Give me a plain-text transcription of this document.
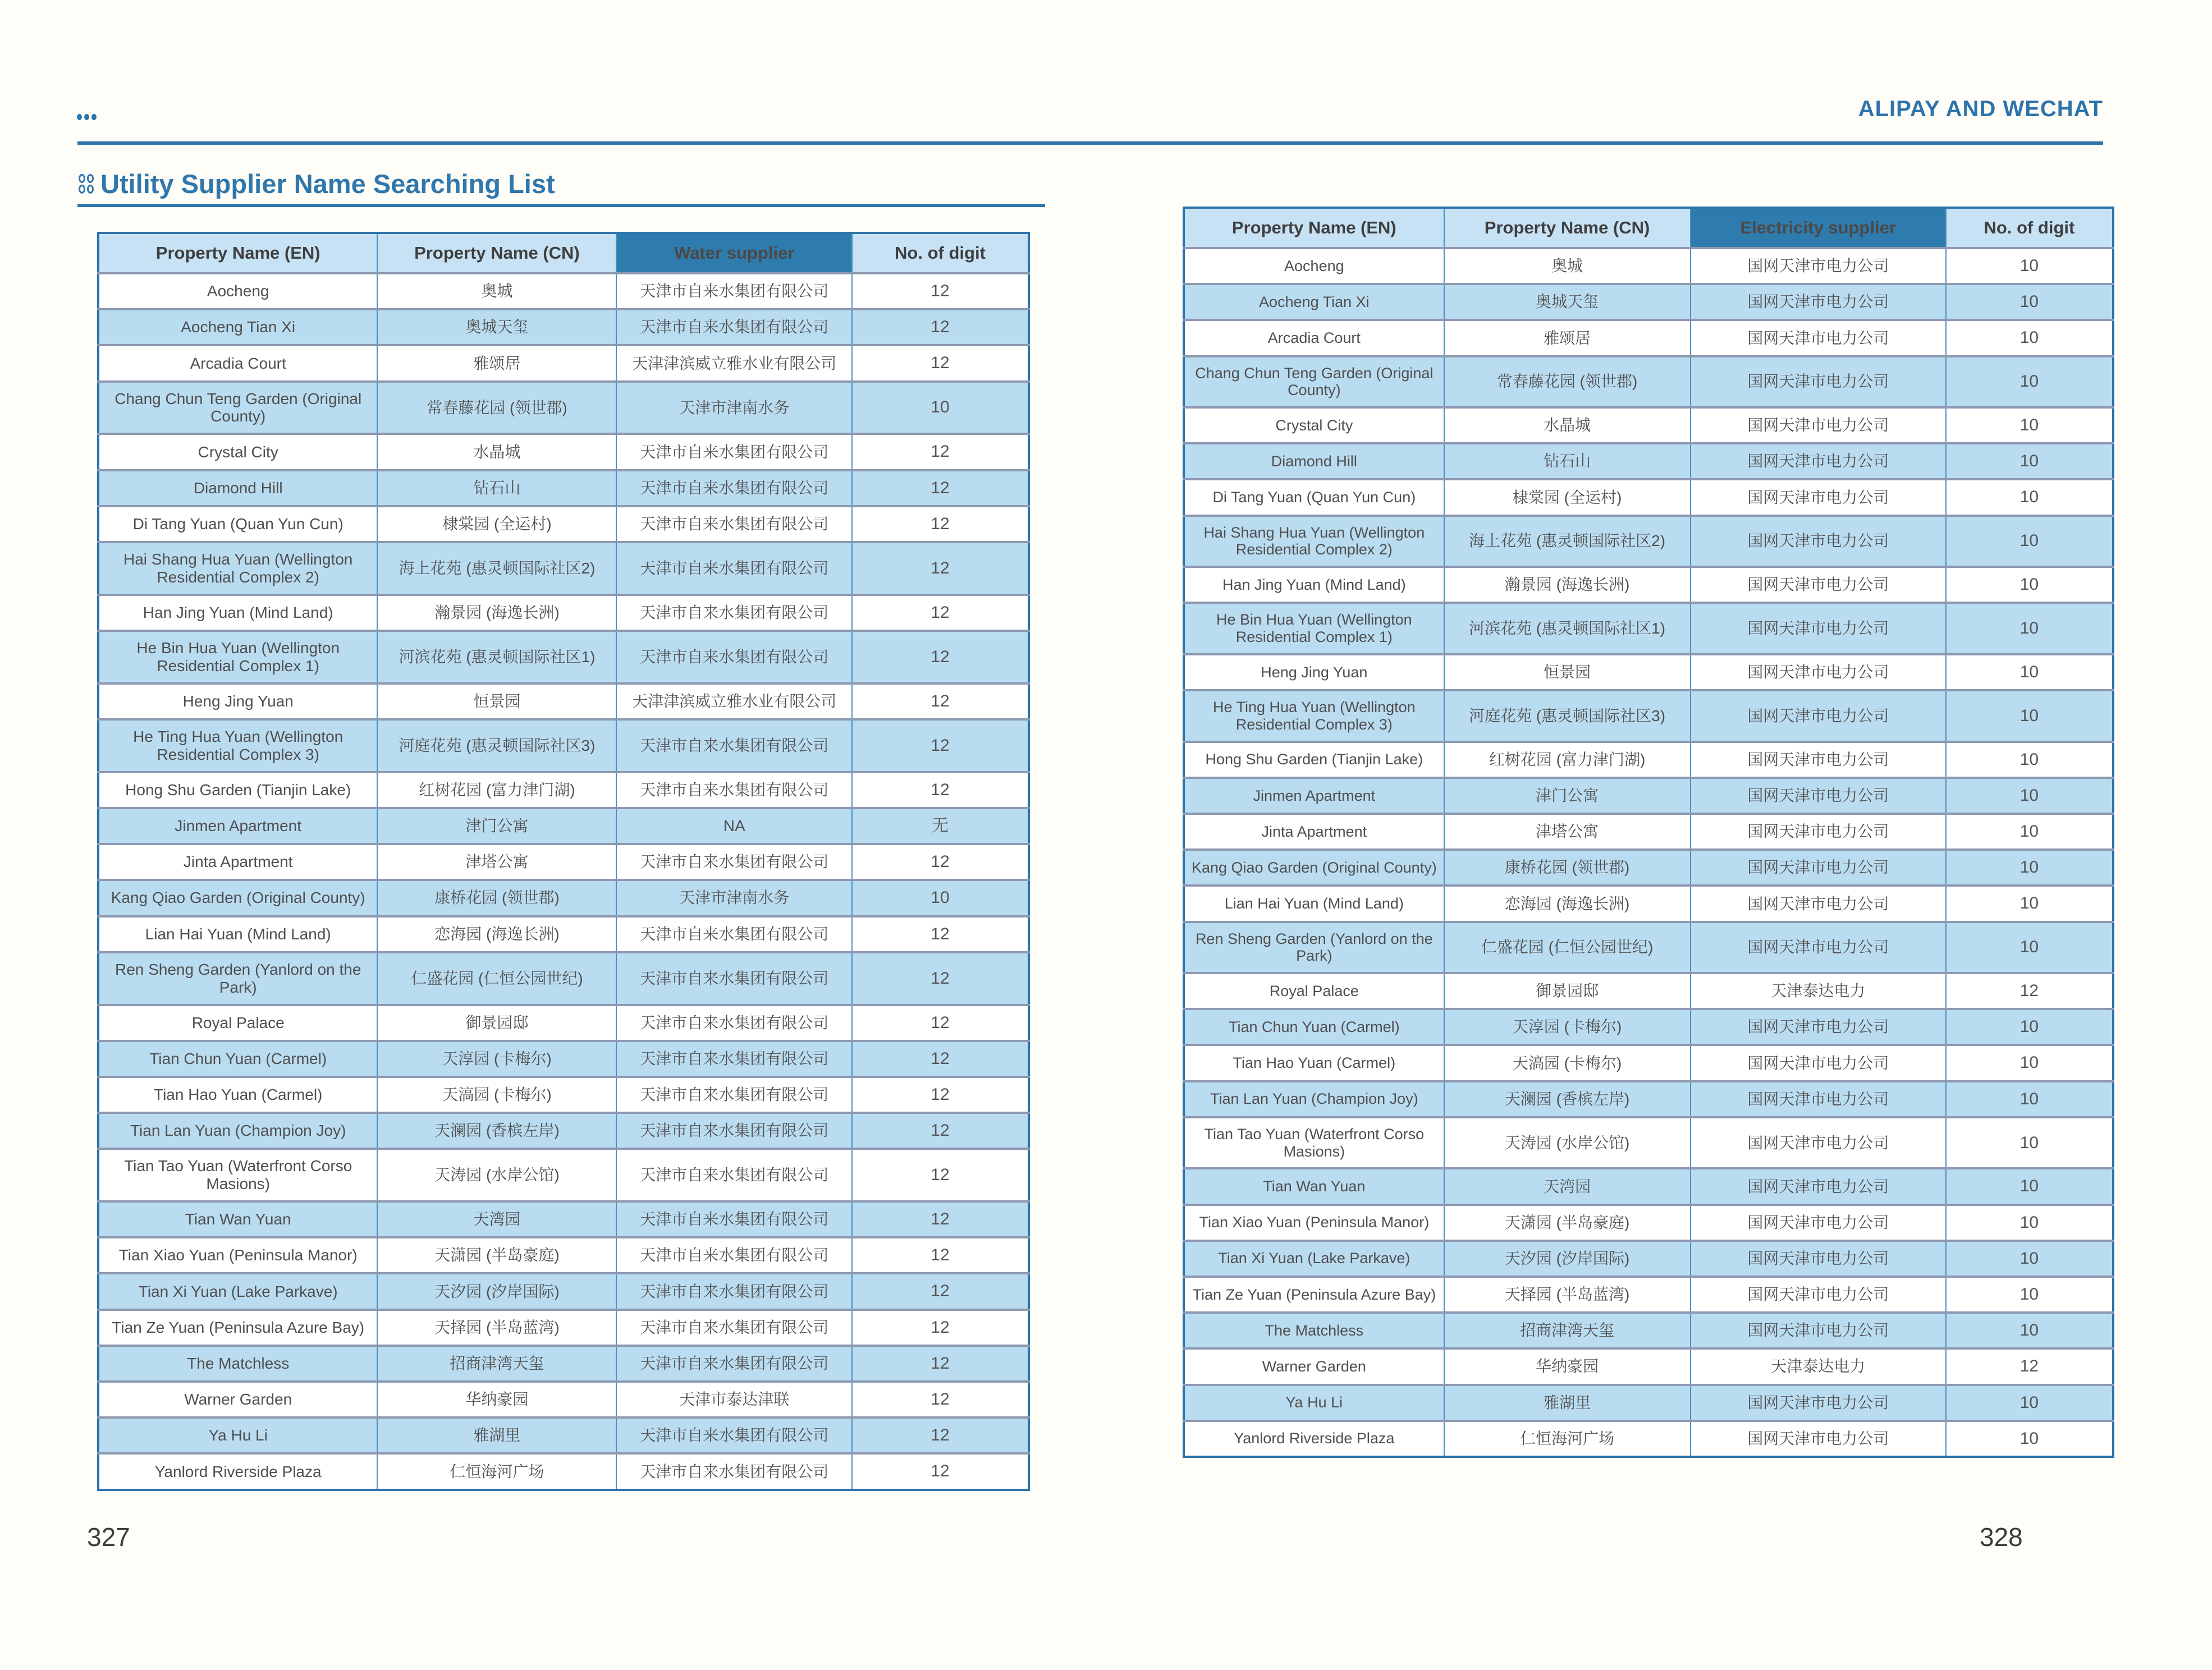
ALIPAY AND WECHAT
Utility Supplier Name Searching List
Property Name (EN)	Property Name (CN)	Water supplier	No. of digit
Aocheng	奥城	天津市自来水集团有限公司	12
Aocheng Tian Xi	奥城天玺	天津市自来水集团有限公司	12
Arcadia Court	雅颂居	天津津滨威立雅水业有限公司	12
Chang Chun Teng Garden (Original County)	常春藤花园 (领世郡)	天津市津南水务	10
Crystal City	水晶城	天津市自来水集团有限公司	12
Diamond Hill	钻石山	天津市自来水集团有限公司	12
Di Tang Yuan (Quan Yun Cun)	棣棠园 (全运村)	天津市自来水集团有限公司	12
Hai Shang Hua Yuan (Wellington Residential Complex 2)	海上花苑 (惠灵顿国际社区2)	天津市自来水集团有限公司	12
Han Jing Yuan (Mind Land)	瀚景园 (海逸长洲)	天津市自来水集团有限公司	12
He Bin Hua Yuan (Wellington Residential Complex 1)	河滨花苑 (惠灵顿国际社区1)	天津市自来水集团有限公司	12
Heng Jing Yuan	恒景园	天津津滨威立雅水业有限公司	12
He Ting Hua Yuan (Wellington Residential Complex 3)	河庭花苑 (惠灵顿国际社区3)	天津市自来水集团有限公司	12
Hong Shu Garden (Tianjin Lake)	红树花园 (富力津门湖)	天津市自来水集团有限公司	12
Jinmen Apartment	津门公寓	NA	无
Jinta Apartment	津塔公寓	天津市自来水集团有限公司	12
Kang Qiao Garden (Original County)	康桥花园 (领世郡)	天津市津南水务	10
Lian Hai Yuan (Mind Land)	恋海园 (海逸长洲)	天津市自来水集团有限公司	12
Ren Sheng Garden (Yanlord on the Park)	仁盛花园 (仁恒公园世纪)	天津市自来水集团有限公司	12
Royal Palace	御景园邸	天津市自来水集团有限公司	12
Tian Chun Yuan (Carmel)	天淳园 (卡梅尔)	天津市自来水集团有限公司	12
Tian Hao Yuan (Carmel)	天滈园 (卡梅尔)	天津市自来水集团有限公司	12
Tian Lan Yuan (Champion Joy)	天澜园 (香槟左岸)	天津市自来水集团有限公司	12
Tian Tao Yuan (Waterfront Corso Masions)	天涛园 (水岸公馆)	天津市自来水集团有限公司	12
Tian Wan Yuan	天湾园	天津市自来水集团有限公司	12
Tian Xiao Yuan (Peninsula Manor)	天潇园 (半岛豪庭)	天津市自来水集团有限公司	12
Tian Xi Yuan (Lake Parkave)	天汐园 (汐岸国际)	天津市自来水集团有限公司	12
Tian Ze Yuan (Peninsula Azure Bay)	天择园 (半岛蓝湾)	天津市自来水集团有限公司	12
The Matchless	招商津湾天玺	天津市自来水集团有限公司	12
Warner Garden	华纳豪园	天津市泰达津联	12
Ya Hu Li	雅湖里	天津市自来水集团有限公司	12
Yanlord Riverside Plaza	仁恒海河广场	天津市自来水集团有限公司	12
Property Name (EN)	Property Name (CN)	Electricity supplier	No. of digit
Aocheng	奥城	国网天津市电力公司	10
Aocheng Tian Xi	奥城天玺	国网天津市电力公司	10
Arcadia Court	雅颂居	国网天津市电力公司	10
Chang Chun Teng Garden (Original County)	常春藤花园 (领世郡)	国网天津市电力公司	10
Crystal City	水晶城	国网天津市电力公司	10
Diamond Hill	钻石山	国网天津市电力公司	10
Di Tang Yuan (Quan Yun Cun)	棣棠园 (全运村)	国网天津市电力公司	10
Hai Shang Hua Yuan (Wellington Residential Complex 2)	海上花苑 (惠灵顿国际社区2)	国网天津市电力公司	10
Han Jing Yuan (Mind Land)	瀚景园 (海逸长洲)	国网天津市电力公司	10
He Bin Hua Yuan (Wellington Residential Complex 1)	河滨花苑 (惠灵顿国际社区1)	国网天津市电力公司	10
Heng Jing Yuan	恒景园	国网天津市电力公司	10
He Ting Hua Yuan (Wellington Residential Complex 3)	河庭花苑 (惠灵顿国际社区3)	国网天津市电力公司	10
Hong Shu Garden (Tianjin Lake)	红树花园 (富力津门湖)	国网天津市电力公司	10
Jinmen Apartment	津门公寓	国网天津市电力公司	10
Jinta Apartment	津塔公寓	国网天津市电力公司	10
Kang Qiao Garden (Original County)	康桥花园 (领世郡)	国网天津市电力公司	10
Lian Hai Yuan (Mind Land)	恋海园 (海逸长洲)	国网天津市电力公司	10
Ren Sheng Garden (Yanlord on the Park)	仁盛花园 (仁恒公园世纪)	国网天津市电力公司	10
Royal Palace	御景园邸	天津泰达电力	12
Tian Chun Yuan (Carmel)	天淳园 (卡梅尔)	国网天津市电力公司	10
Tian Hao Yuan (Carmel)	天滈园 (卡梅尔)	国网天津市电力公司	10
Tian Lan Yuan (Champion Joy)	天澜园 (香槟左岸)	国网天津市电力公司	10
Tian Tao Yuan (Waterfront Corso Masions)	天涛园 (水岸公馆)	国网天津市电力公司	10
Tian Wan Yuan	天湾园	国网天津市电力公司	10
Tian Xiao Yuan (Peninsula Manor)	天潇园 (半岛豪庭)	国网天津市电力公司	10
Tian Xi Yuan (Lake Parkave)	天汐园 (汐岸国际)	国网天津市电力公司	10
Tian Ze Yuan (Peninsula Azure Bay)	天择园 (半岛蓝湾)	国网天津市电力公司	10
The Matchless	招商津湾天玺	国网天津市电力公司	10
Warner Garden	华纳豪园	天津泰达电力	12
Ya Hu Li	雅湖里	国网天津市电力公司	10
Yanlord Riverside Plaza	仁恒海河广场	国网天津市电力公司	10
327	328
